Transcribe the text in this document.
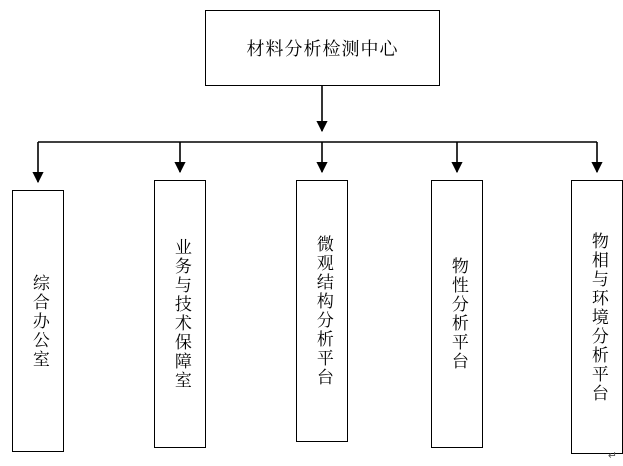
材料分析检测中心
综合办公室	业务与技术保障室	微观结构分析平台	物性分析平台	物相与环境分析平台
↵
